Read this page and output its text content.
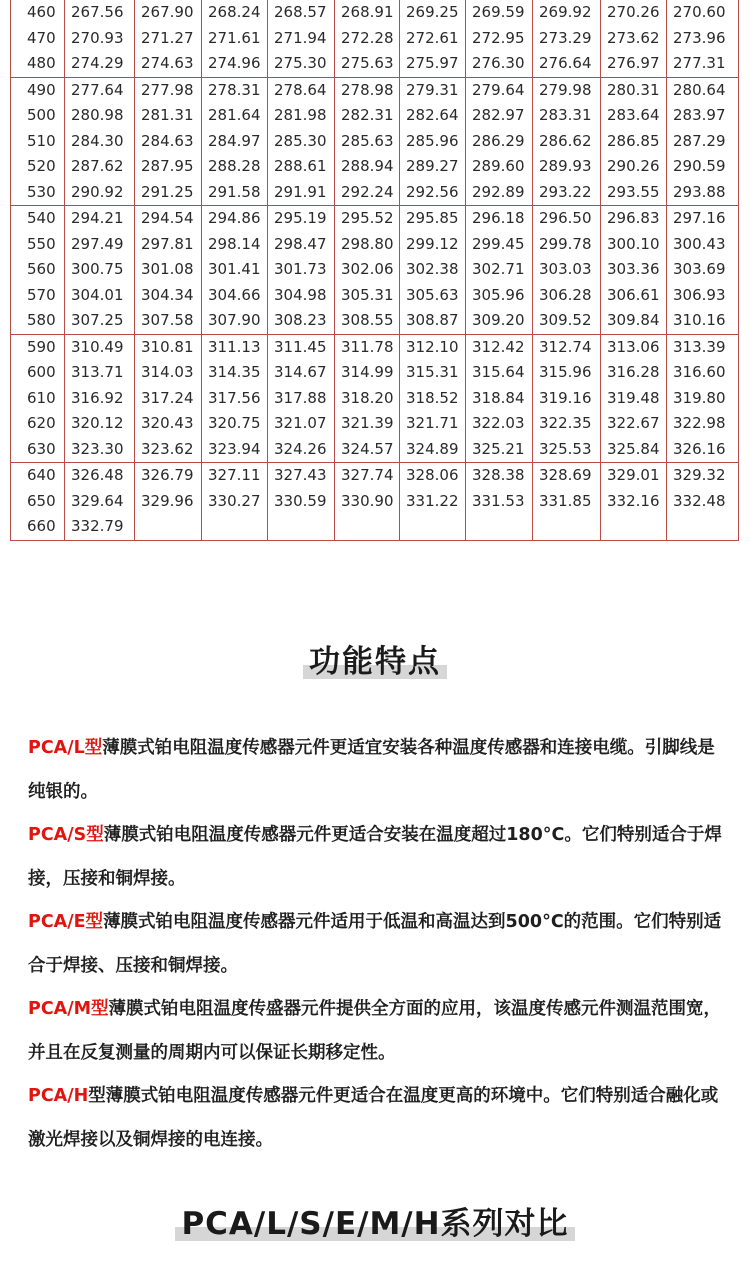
460	267.56	267.90	268.24	268.57	268.91	269.25	269.59	269.92	270.26	270.60
470	270.93	271.27	271.61	271.94	272.28	272.61	272.95	273.29	273.62	273.96
480	274.29	274.63	274.96	275.30	275.63	275.97	276.30	276.64	276.97	277.31
490	277.64	277.98	278.31	278.64	278.98	279.31	279.64	279.98	280.31	280.64
500	280.98	281.31	281.64	281.98	282.31	282.64	282.97	283.31	283.64	283.97
510	284.30	284.63	284.97	285.30	285.63	285.96	286.29	286.62	286.85	287.29
520	287.62	287.95	288.28	288.61	288.94	289.27	289.60	289.93	290.26	290.59
530	290.92	291.25	291.58	291.91	292.24	292.56	292.89	293.22	293.55	293.88
540	294.21	294.54	294.86	295.19	295.52	295.85	296.18	296.50	296.83	297.16
550	297.49	297.81	298.14	298.47	298.80	299.12	299.45	299.78	300.10	300.43
560	300.75	301.08	301.41	301.73	302.06	302.38	302.71	303.03	303.36	303.69
570	304.01	304.34	304.66	304.98	305.31	305.63	305.96	306.28	306.61	306.93
580	307.25	307.58	307.90	308.23	308.55	308.87	309.20	309.52	309.84	310.16
590	310.49	310.81	311.13	311.45	311.78	312.10	312.42	312.74	313.06	313.39
600	313.71	314.03	314.35	314.67	314.99	315.31	315.64	315.96	316.28	316.60
610	316.92	317.24	317.56	317.88	318.20	318.52	318.84	319.16	319.48	319.80
620	320.12	320.43	320.75	321.07	321.39	321.71	322.03	322.35	322.67	322.98
630	323.30	323.62	323.94	324.26	324.57	324.89	325.21	325.53	325.84	326.16
640	326.48	326.79	327.11	327.43	327.74	328.06	328.38	328.69	329.01	329.32
650	329.64	329.96	330.27	330.59	330.90	331.22	331.53	331.85	332.16	332.48
660	332.79									
功能特点

PCA/L型薄膜式铂电阻温度传感器元件更适宜安装各种温度传感器和连接电缆。引脚线是纯银的。

PCA/S型薄膜式铂电阻温度传感器元件更适合安装在温度超过180°C。它们特别适合于焊接，压接和铜焊接。

PCA/E型薄膜式铂电阻温度传感器元件适用于低温和高温达到500°C的范围。它们特别适合于焊接、压接和铜焊接。

PCA/M型薄膜式铂电阻温度传盛器元件提供全方面的应用，该温度传感元件测温范围宽，并且在反复测量的周期内可以保证长期移定性。

PCA/H型薄膜式铂电阻温度传感器元件更适合在温度更高的环境中。它们特别适合融化或激光焊接以及铜焊接的电连接。

PCA/L/S/E/M/H系列对比
